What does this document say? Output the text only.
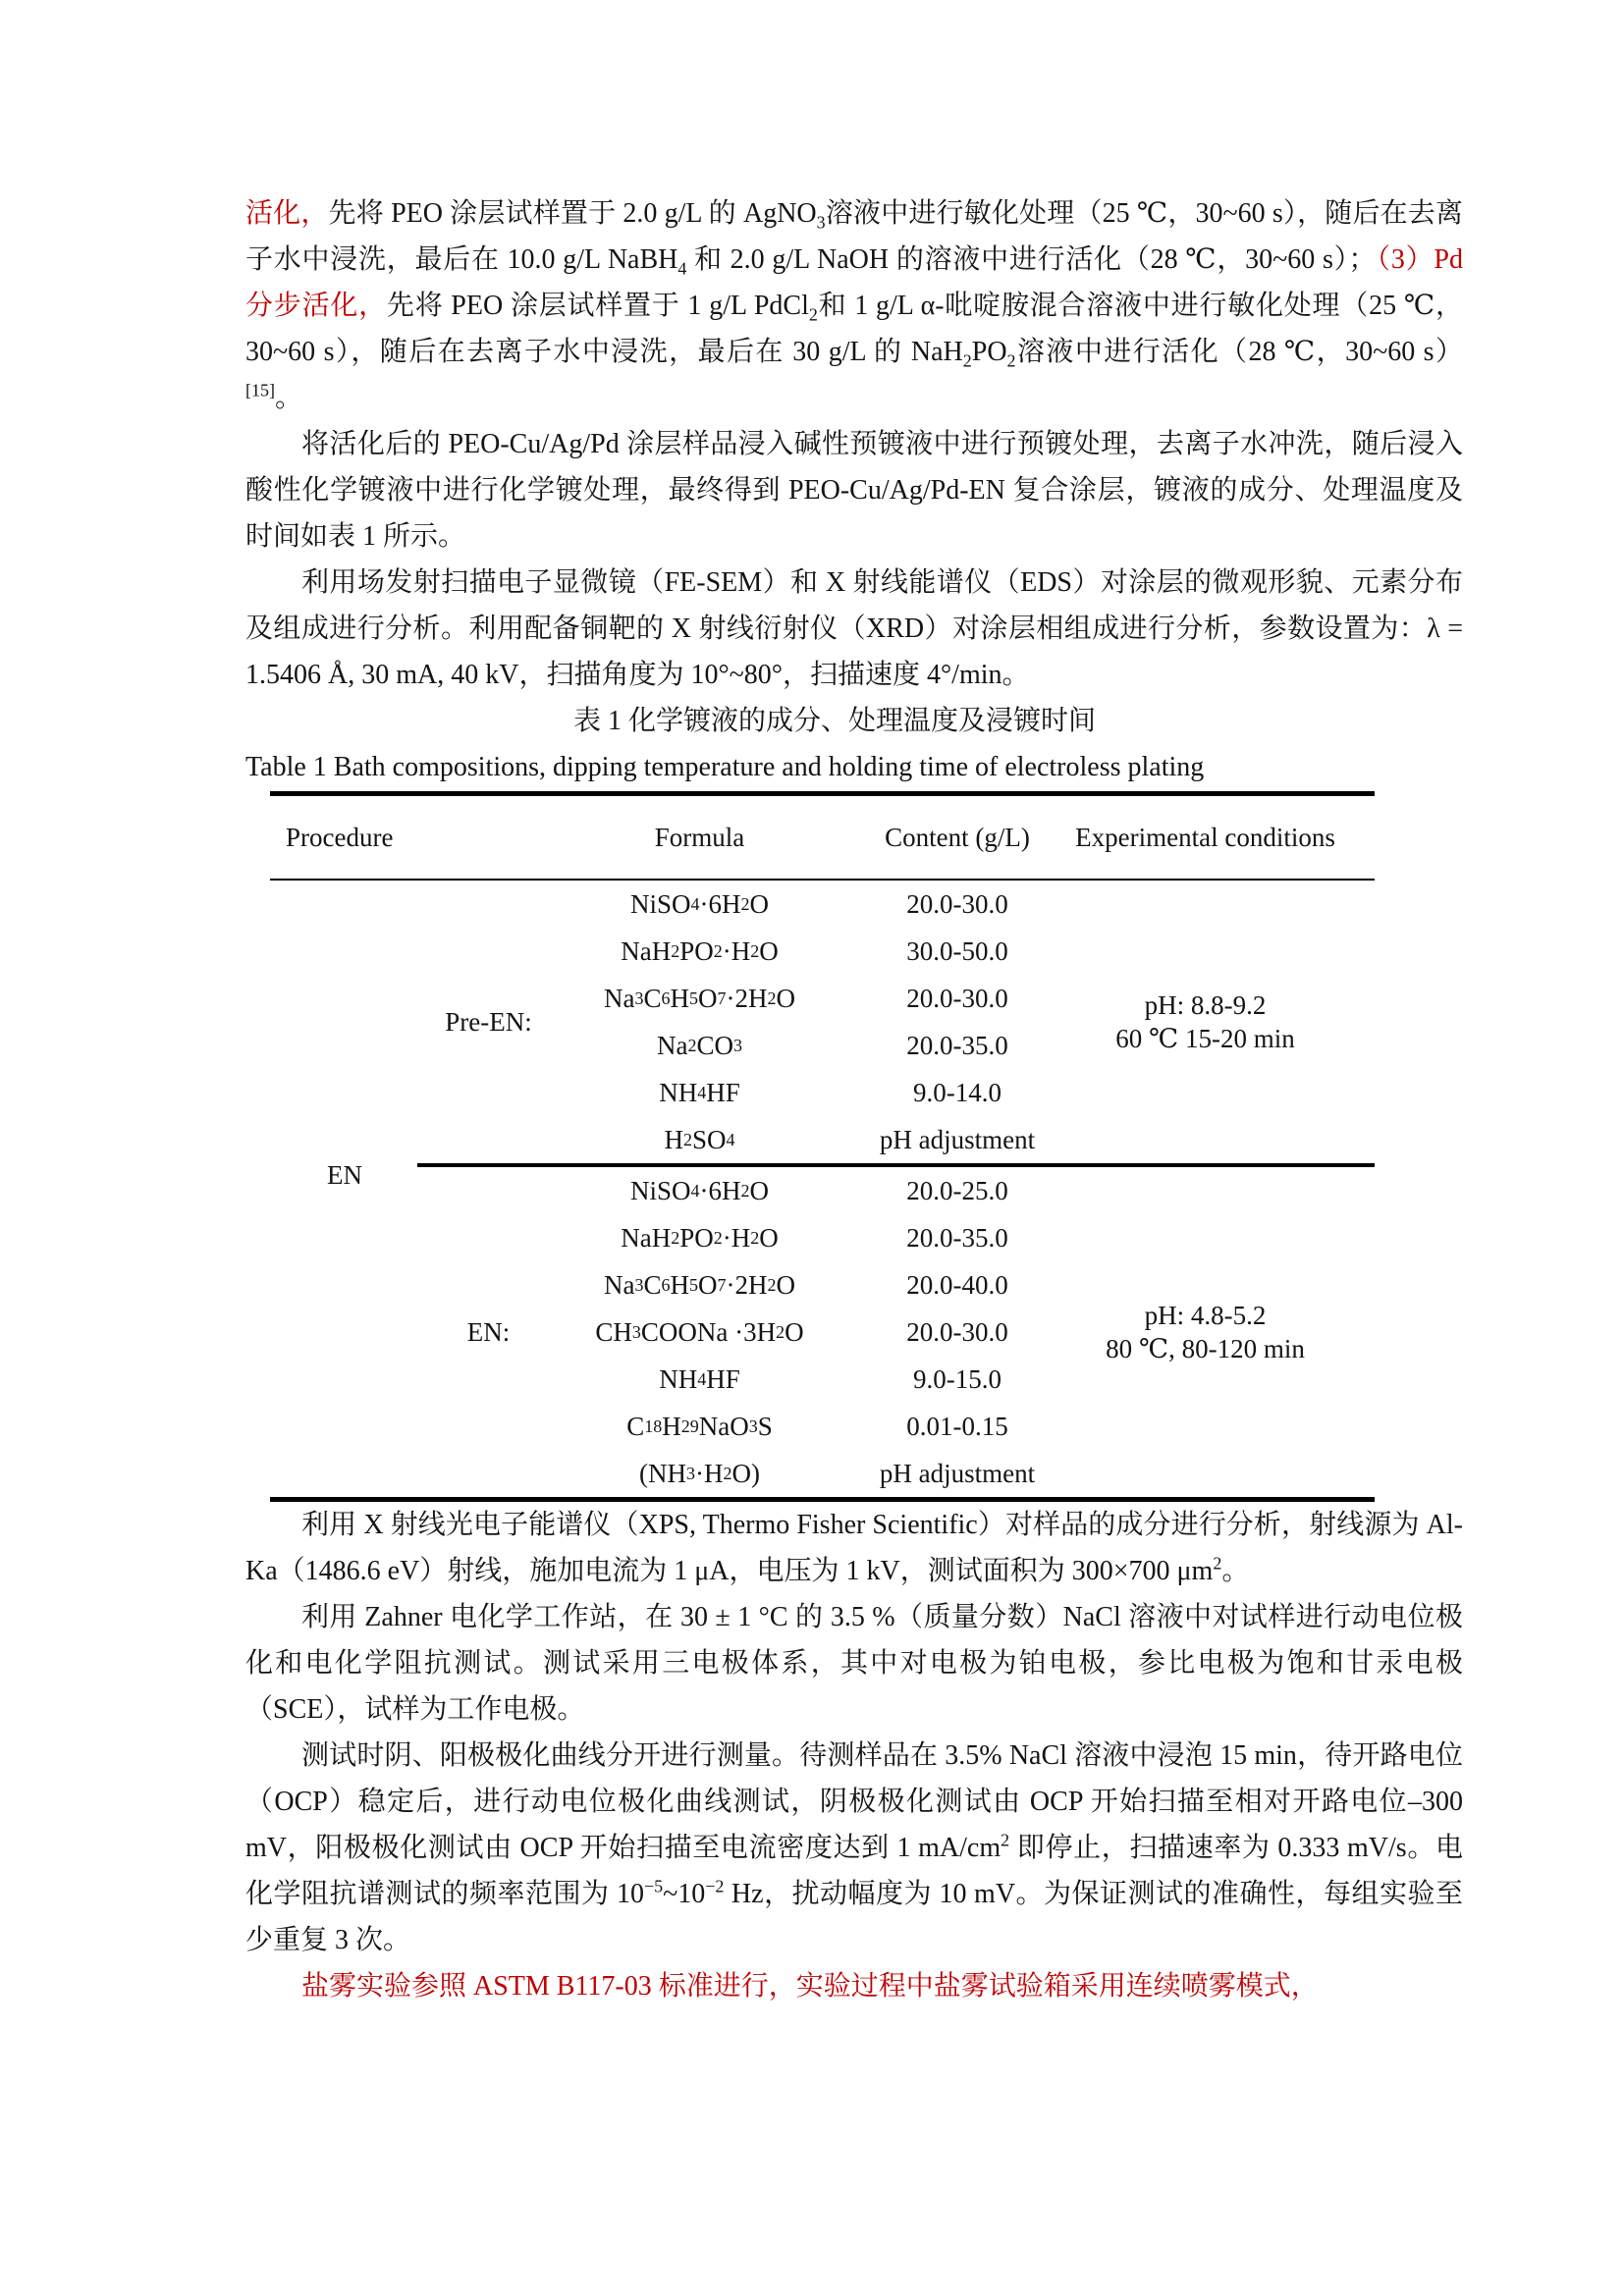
活化，先将 PEO 涂层试样置于 2.0 g/L 的 AgNO$_3$溶液中进行敏化处理（25 ℃，30~60 s），随后在去离子水中浸洗，最后在 10.0 g/L NaBH$_4$ 和 2.0 g/L NaOH 的溶液中进行活化（28 ℃，30~60 s）；（3）Pd 分步活化，先将 PEO 涂层试样置于 1 g/L PdCl$_2$和 1 g/L α-吡啶胺混合溶液中进行敏化处理（25 ℃，30~60 s），随后在去离子水中浸洗，最后在 30 g/L 的 $NaH_2PO_2$溶液中进行活化（28 ℃，30~60 s）[15]。

将活化后的 PEO-Cu/Ag/Pd 涂层样品浸入碱性预镀液中进行预镀处理，去离子水冲洗，随后浸入酸性化学镀液中进行化学镀处理，最终得到 PEO-Cu/Ag/Pd-EN 复合涂层，镀液的成分、处理温度及时间如表 1 所示。

利用场发射扫描电子显微镜（FE-SEM）和 X 射线能谱仪（EDS）对涂层的微观形貌、元素分布及组成进行分析。利用配备铜靶的 X 射线衍射仪（XRD）对涂层相组成进行分析，参数设置为：λ = 1.5406 Å, 30 mA, 40 kV，扫描角度为 10°~80°，扫描速度 4°/min。

表 1 化学镀液的成分、处理温度及浸镀时间
Table 1 Bath compositions, dipping temperature and holding time of electroless plating
Procedure	Formula	Content (g/L)	Experimental conditions
EN
Pre-EN:
NiSO 4 ·6H 2 O	20.0-30.0
NaH 2 PO 2 ·H 2 O	30.0-50.0
Na 3 C 6 H 5 O 7 ·2H 2 O	20.0-30.0
Na 2 CO 3	20.0-35.0
NH 4 HF	9.0-14.0
H 2 SO 4	pH adjustment
pH: 8.8-9.2
60 ℃ 15-20 min
EN:
NiSO 4 ·6H 2 O	20.0-25.0
NaH 2 PO 2 ·H 2 O	20.0-35.0
Na 3 C 6 H 5 O 7 ·2H 2 O	20.0-40.0
CH 3 COONa ·3H 2 O	20.0-30.0
NH 4 HF	9.0-15.0
C 18 H 29 NaO 3 S	0.01-0.15
(NH 3 ·H 2 O)	pH adjustment
pH: 4.8-5.2
80 ℃, 80-120 min

利用 X 射线光电子能谱仪（XPS, Thermo Fisher Scientific）对样品的成分进行分析，射线源为 Al-Ka（1486.6 eV）射线，施加电流为 1 μA，电压为 1 kV，测试面积为 300×700 $\mu m^2$。

利用 Zahner 电化学工作站，在 30 ± 1 °C 的 3.5 %（质量分数）NaCl 溶液中对试样进行动电位极化和电化学阻抗测试。测试采用三电极体系，其中对电极为铂电极，参比电极为饱和甘汞电极（SCE），试样为工作电极。

测试时阴、阳极极化曲线分开进行测量。待测样品在 3.5% NaCl 溶液中浸泡 15 min，待开路电位（OCP）稳定后，进行动电位极化曲线测试，阴极极化测试由 OCP 开始扫描至相对开路电位–300 mV，阳极极化测试由 OCP 开始扫描至电流密度达到 1 $mA/cm^2$ 即停止，扫描速率为 0.333 mV/s。电化学阻抗谱测试的频率范围为 $10^{-5}\sim 10^{-2}$ Hz，扰动幅度为 10 mV。为保证测试的准确性，每组实验至少重复 3 次。

盐雾实验参照 ASTM B117-03 标准进行，实验过程中盐雾试验箱采用连续喷雾模式，
